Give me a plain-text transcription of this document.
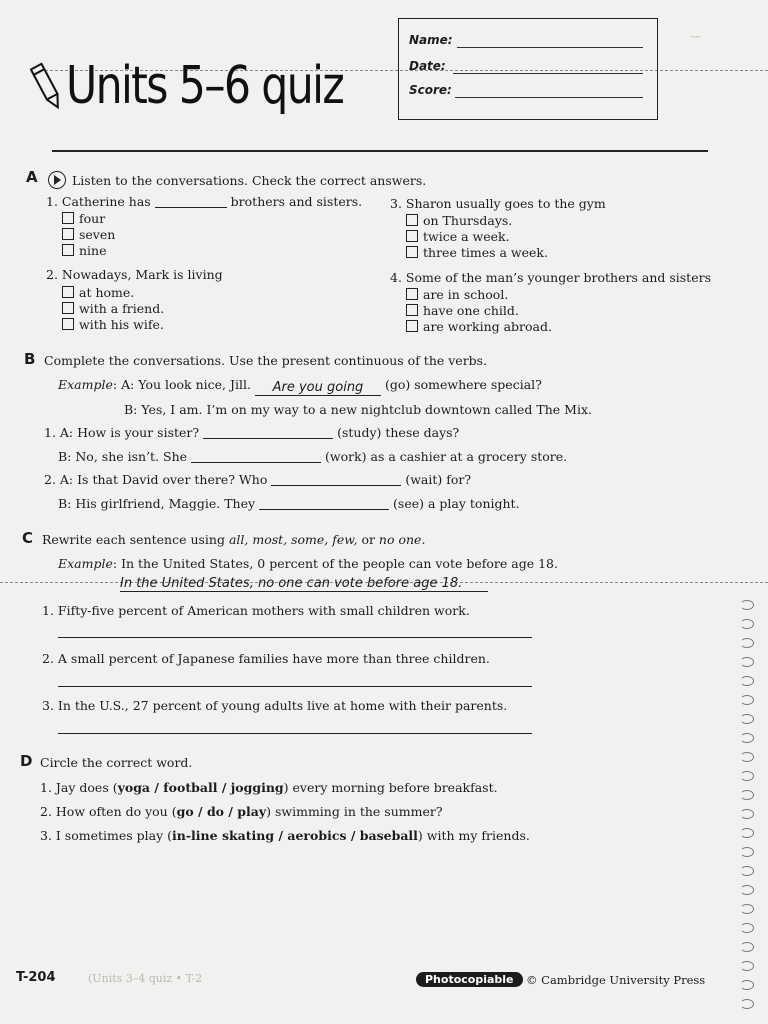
Units 5–6 quiz
Name:
Date:
Score:
—
A	Listen to the conversations. Check the correct answers.
1. Catherine has	brothers and sisters.
four
seven
nine
2. Nowadays, Mark is living
at home.
with a friend.
with his wife.
3. Sharon usually goes to the gym
on Thursdays.
twice a week.
three times a week.
4. Some of the man’s younger brothers and sisters
are in school.
have one child.
are working abroad.
B Complete the conversations. Use the present continuous of the verbs.
Example: A: You look nice, Jill. Are you going (go) somewhere special?
B: Yes, I am. I’m on my way to a new nightclub downtown called The Mix.
1. A: How is your sister?	(study) these days?
B: No, she isn’t. She	(work) as a cashier at a grocery store.
2. A: Is that David over there? Who	(wait) for?
B: His girlfriend, Maggie. They	(see) a play tonight.
C Rewrite each sentence using all, most, some, few, or no one.
Example: In the United States, 0 percent of the people can vote before age 18.
In the United States, no one can vote before age 18.
1. Fifty-five percent of American mothers with small children work.
2. A small percent of Japanese families have more than three children.
3. In the U.S., 27 percent of young adults live at home with their parents.
D Circle the correct word.
1. Jay does (yoga / football / jogging) every morning before breakfast.
2. How often do you (go / do / play) swimming in the summer?
3. I sometimes play (in-line skating / aerobics / baseball) with my friends.
T-204	(Units 3–4 quiz • T-2	Photocopiable	© Cambridge University Press
